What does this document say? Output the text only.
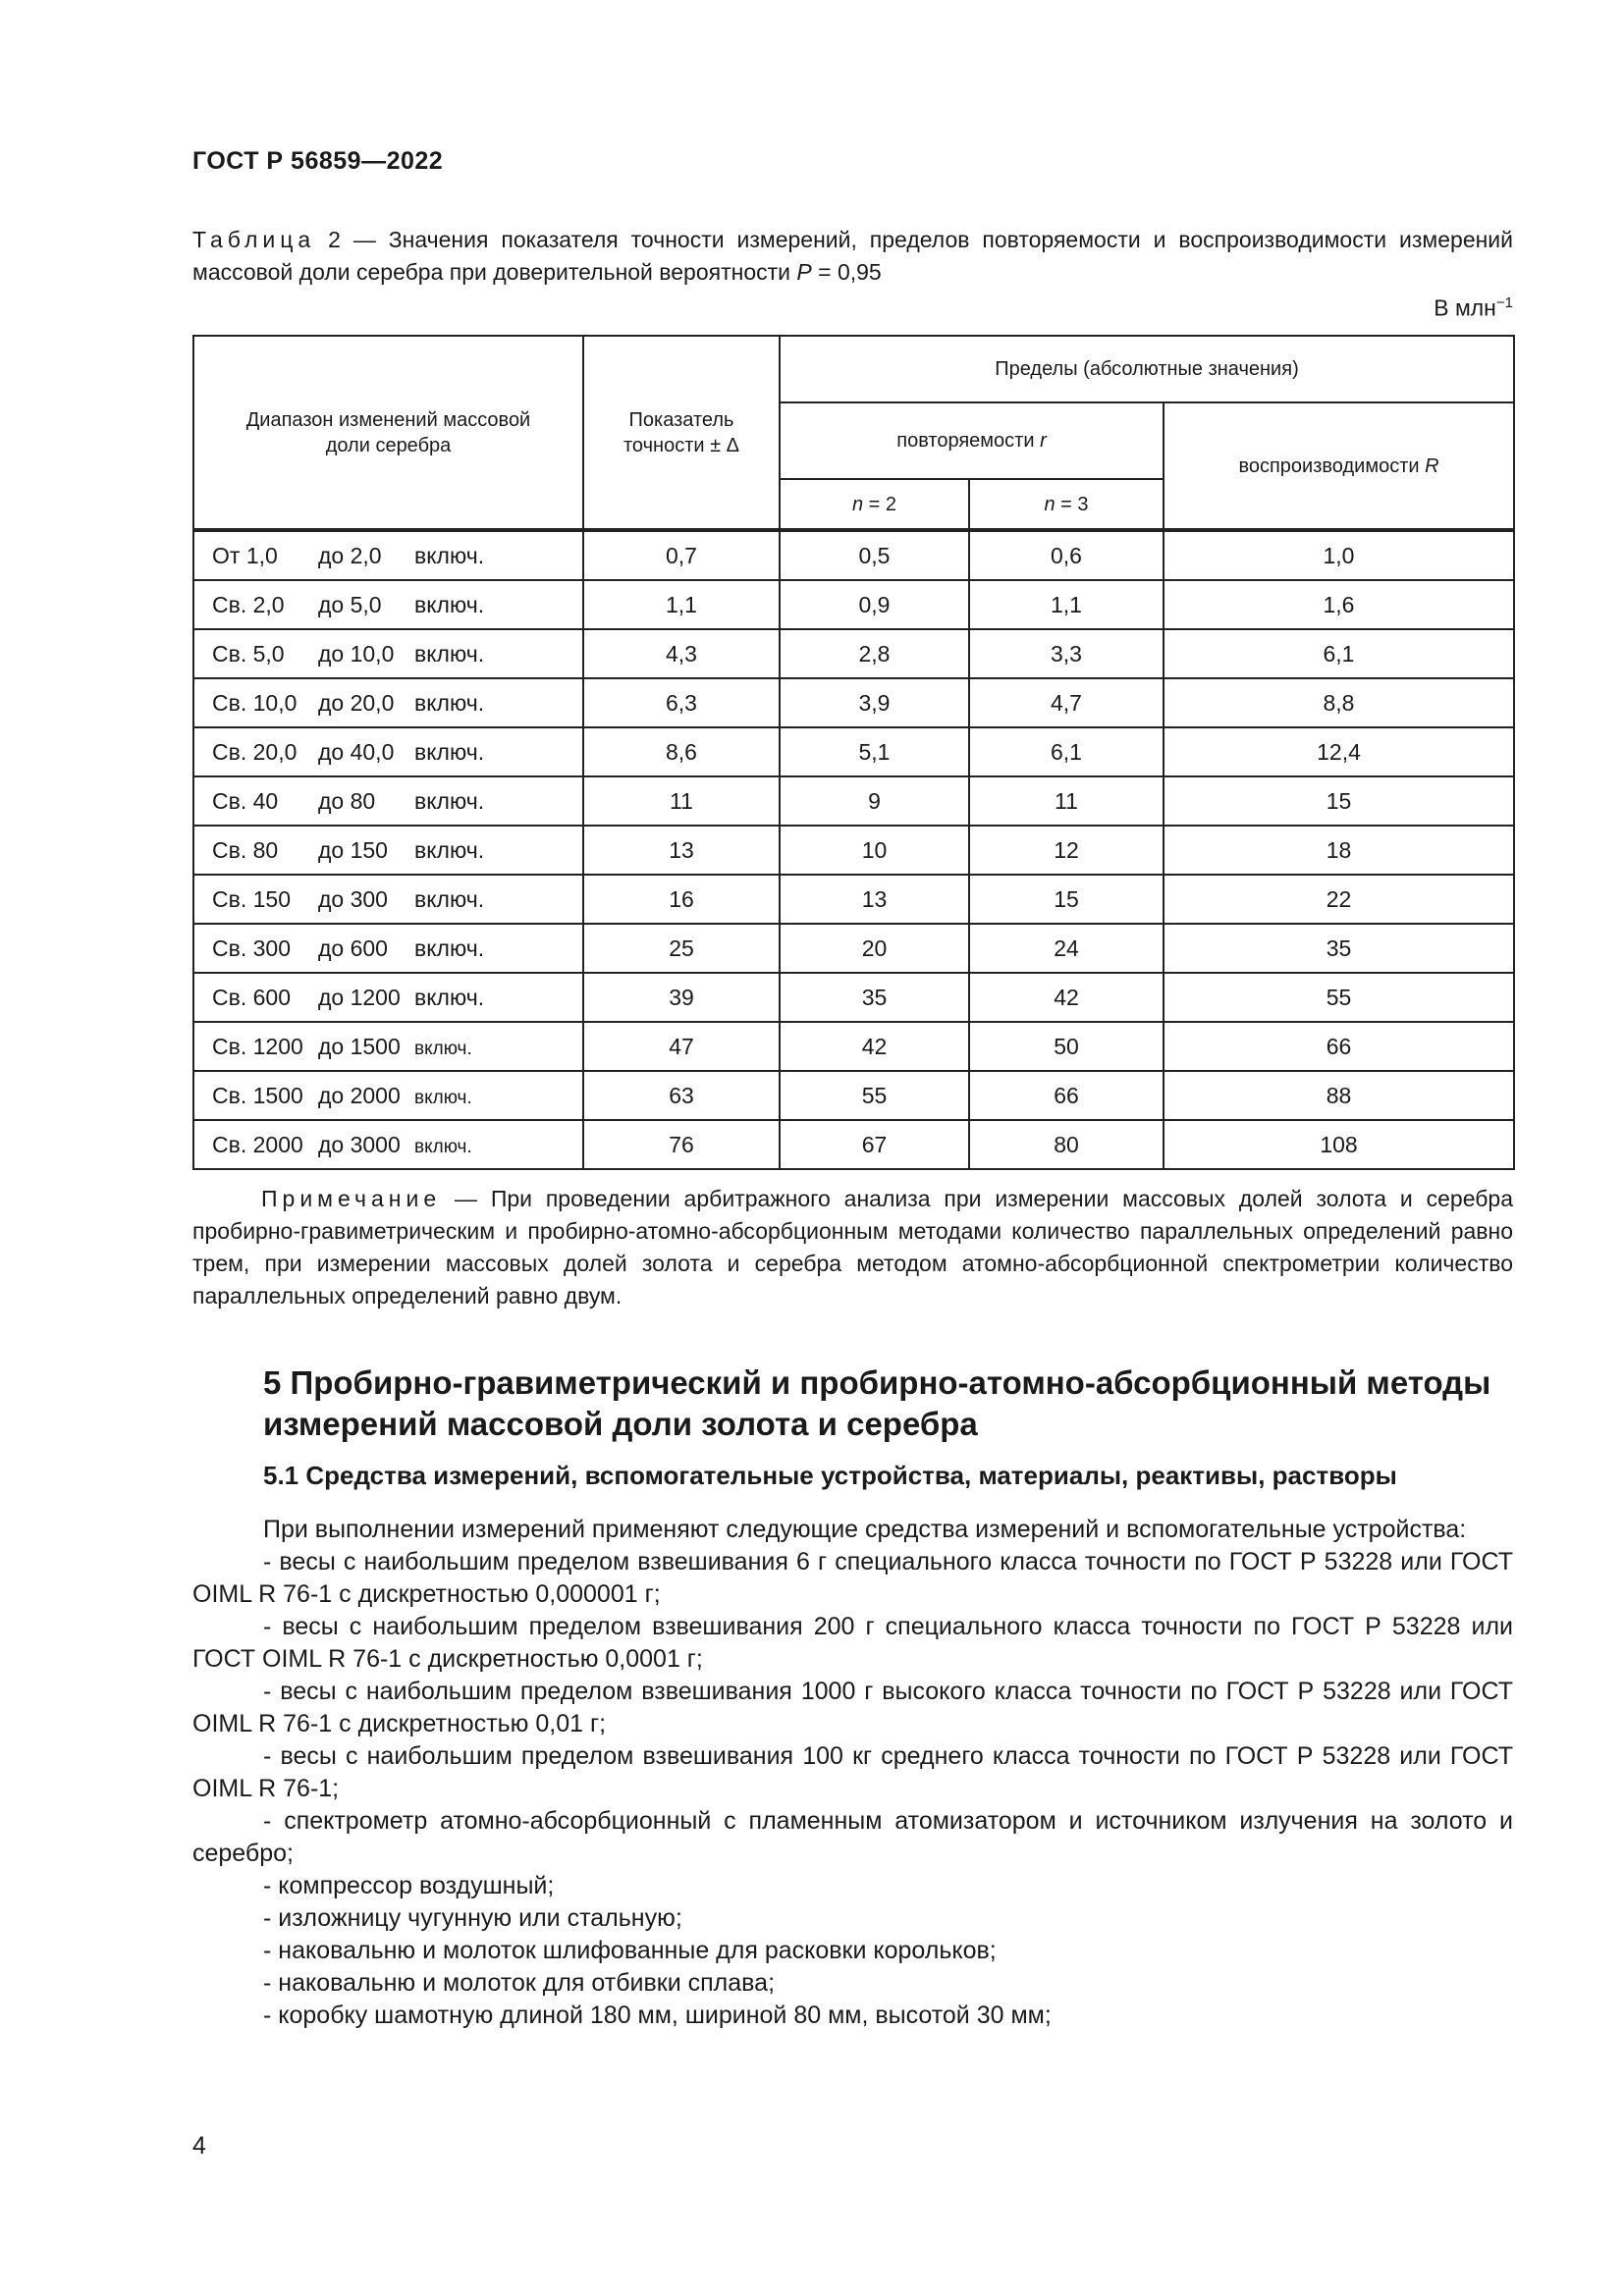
ГОСТ Р 56859—2022
Таблица 2 — Значения показателя точности измерений, пределов повторяемости и воспроизводимости измерений массовой доли серебра при доверительной вероятности P = 0,95
В млн$^{-1}$
Диапазон изменений массовой доли серебра	Показатель точности ± Δ	Пределы (абсолютные значения)		
		повторяемости r		воспроизводимости R
		n = 2	n = 3	
От 1,0 до 2,0 включ.	0,7	0,5	0,6	1,0
Св. 2,0 до 5,0 включ.	1,1	0,9	1,1	1,6
Св. 5,0 до 10,0 включ.	4,3	2,8	3,3	6,1
Св. 10,0 до 20,0 включ.	6,3	3,9	4,7	8,8
Св. 20,0 до 40,0 включ.	8,6	5,1	6,1	12,4
Св. 40 до 80 включ.	11	9	11	15
Св. 80 до 150 включ.	13	10	12	18
Св. 150 до 300 включ.	16	13	15	22
Св. 300 до 600 включ.	25	20	24	35
Св. 600 до 1200 включ.	39	35	42	55
Св. 1200 до 1500 включ.	47	42	50	66
Св. 1500 до 2000 включ.	63	55	66	88
Св. 2000 до 3000 включ.	76	67	80	108
Примечание — При проведении арбитражного анализа при измерении массовых долей золота и серебра пробирно-гравиметрическим и пробирно-атомно-абсорбционным методами количество параллельных определений равно трем, при измерении массовых долей золота и серебра методом атомно-абсорбционной спектрометрии количество параллельных определений равно двум.
5 Пробирно-гравиметрический и пробирно-атомно-абсорбционный методы измерений массовой доли золота и серебра
5.1 Средства измерений, вспомогательные устройства, материалы, реактивы, растворы

При выполнении измерений применяют следующие средства измерений и вспомогательные устройства:

- весы с наибольшим пределом взвешивания 6 г специального класса точности по ГОСТ Р 53228 или ГОСТ OIML R 76-1 с дискретностью 0,000001 г;

- весы с наибольшим пределом взвешивания 200 г специального класса точности по ГОСТ Р 53228 или ГОСТ OIML R 76-1 с дискретностью 0,0001 г;

- весы с наибольшим пределом взвешивания 1000 г высокого класса точности по ГОСТ Р 53228 или ГОСТ OIML R 76-1 с дискретностью 0,01 г;

- весы с наибольшим пределом взвешивания 100 кг среднего класса точности по ГОСТ Р 53228 или ГОСТ OIML R 76-1;

- спектрометр атомно-абсорбционный с пламенным атомизатором и источником излучения на золото и серебро;

- компрессор воздушный;

- изложницу чугунную или стальную;

- наковальню и молоток шлифованные для расковки корольков;

- наковальню и молоток для отбивки сплава;

- коробку шамотную длиной 180 мм, шириной 80 мм, высотой 30 мм;

4
